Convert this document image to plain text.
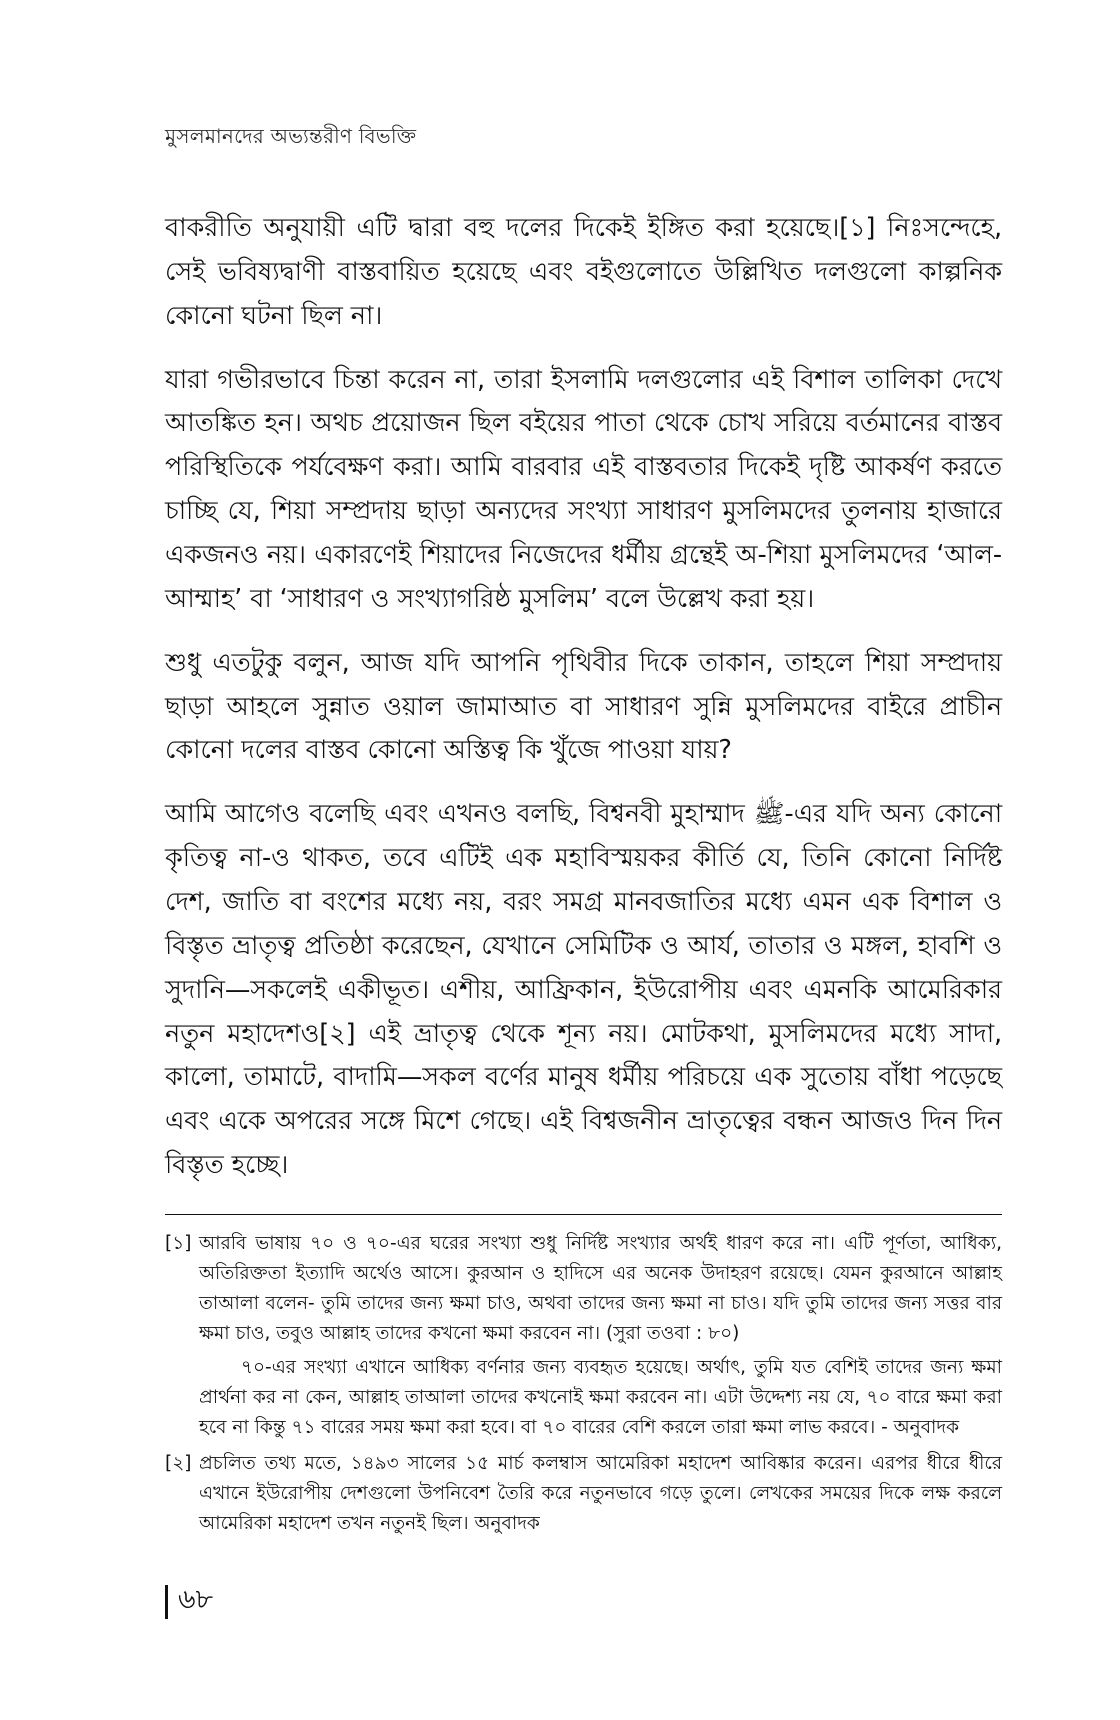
মুসলমানদের অভ্যন্তরীণ বিভক্তি

বাকরীতি অনুযায়ী এটি দ্বারা বহু দলের দিকেই ইঙ্গিত করা হয়েছে।[১] নিঃসন্দেহে, সেই ভবিষ্যদ্বাণী বাস্তবায়িত হয়েছে এবং বইগুলোতে উল্লিখিত দলগুলো কাল্পনিক কোনো ঘটনা ছিল না।

যারা গভীরভাবে চিন্তা করেন না, তারা ইসলামি দলগুলোর এই বিশাল তালিকা দেখে আতঙ্কিত হন। অথচ প্রয়োজন ছিল বইয়ের পাতা থেকে চোখ সরিয়ে বর্তমানের বাস্তব পরিস্থিতিকে পর্যবেক্ষণ করা। আমি বারবার এই বাস্তবতার দিকেই দৃষ্টি আকর্ষণ করতে চাচ্ছি যে, শিয়া সম্প্রদায় ছাড়া অন্যদের সংখ্যা সাধারণ মুসলিমদের তুলনায় হাজারে একজনও নয়। একারণেই শিয়াদের নিজেদের ধর্মীয় গ্রন্থেই অ-শিয়া মুসলিমদের ‘আল-আম্মাহ’ বা ‘সাধারণ ও সংখ্যাগরিষ্ঠ মুসলিম’ বলে উল্লেখ করা হয়।

শুধু এতটুকু বলুন, আজ যদি আপনি পৃথিবীর দিকে তাকান, তাহলে শিয়া সম্প্রদায় ছাড়া আহলে সুন্নাত ওয়াল জামাআত বা সাধারণ সুন্নি মুসলিমদের বাইরে প্রাচীন কোনো দলের বাস্তব কোনো অস্তিত্ব কি খুঁজে পাওয়া যায়?

আমি আগেও বলেছি এবং এখনও বলছি, বিশ্বনবী মুহাম্মাদ ﷺ-এর যদি অন্য কোনো কৃতিত্ব না-ও থাকত, তবে এটিই এক মহাবিস্ময়কর কীর্তি যে, তিনি কোনো নির্দিষ্ট দেশ, জাতি বা বংশের মধ্যে নয়, বরং সমগ্র মানবজাতির মধ্যে এমন এক বিশাল ও বিস্তৃত ভ্রাতৃত্ব প্রতিষ্ঠা করেছেন, যেখানে সেমিটিক ও আর্য, তাতার ও মঙ্গল, হাবশি ও সুদানি—সকলেই একীভূত। এশীয়, আফ্রিকান, ইউরোপীয় এবং এমনকি আমেরিকার নতুন মহাদেশও[২] এই ভ্রাতৃত্ব থেকে শূন্য নয়। মোটকথা, মুসলিমদের মধ্যে সাদা, কালো, তামাটে, বাদামি—সকল বর্ণের মানুষ ধর্মীয় পরিচয়ে এক সুতোয় বাঁধা পড়েছে এবং একে অপরের সঙ্গে মিশে গেছে। এই বিশ্বজনীন ভ্রাতৃত্বের বন্ধন আজও দিন দিন বিস্তৃত হচ্ছে।

[১] আরবি ভাষায় ৭০ ও ৭০-এর ঘরের সংখ্যা শুধু নির্দিষ্ট সংখ্যার অর্থই ধারণ করে না। এটি পূর্ণতা, আধিক্য, অতিরিক্ততা ইত্যাদি অর্থেও আসে। কুরআন ও হাদিসে এর অনেক উদাহরণ রয়েছে। যেমন কুরআনে আল্লাহ তাআলা বলেন- তুমি তাদের জন্য ক্ষমা চাও, অথবা তাদের জন্য ক্ষমা না চাও। যদি তুমি তাদের জন্য সত্তর বার ক্ষমা চাও, তবুও আল্লাহ তাদের কখনো ক্ষমা করবেন না। (সুরা তওবা : ৮০)

৭০-এর সংখ্যা এখানে আধিক্য বর্ণনার জন্য ব্যবহৃত হয়েছে। অর্থাৎ, তুমি যত বেশিই তাদের জন্য ক্ষমা প্রার্থনা কর না কেন, আল্লাহ তাআলা তাদের কখনোই ক্ষমা করবেন না। এটা উদ্দেশ্য নয় যে, ৭০ বারে ক্ষমা করা হবে না কিন্তু ৭১ বারের সময় ক্ষমা করা হবে। বা ৭০ বারের বেশি করলে তারা ক্ষমা লাভ করবে। - অনুবাদক

[২] প্রচলিত তথ্য মতে, ১৪৯৩ সালের ১৫ মার্চ কলম্বাস আমেরিকা মহাদেশ আবিষ্কার করেন। এরপর ধীরে ধীরে এখানে ইউরোপীয় দেশগুলো উপনিবেশ তৈরি করে নতুনভাবে গড়ে তুলে। লেখকের সময়ের দিকে লক্ষ করলে আমেরিকা মহাদেশ তখন নতুনই ছিল। অনুবাদক

৬৮
